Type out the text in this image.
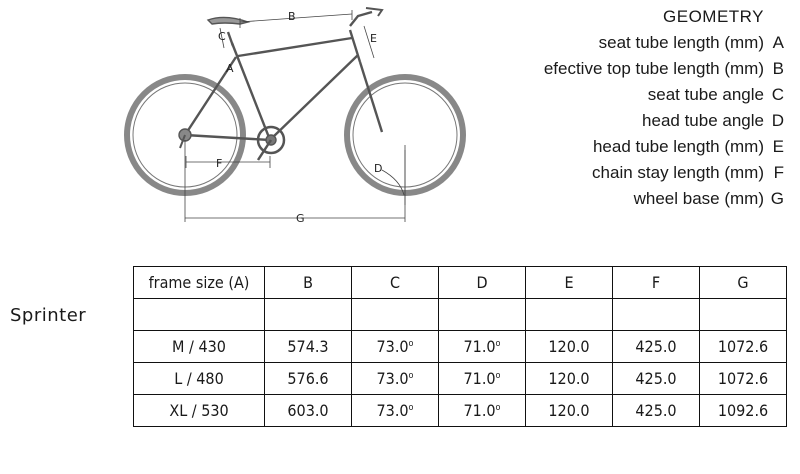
B
C
A
E
F	D
G
GEOMETRY
seat tube length (mm) A
efective top tube length (mm) B
seat tube angle C
head tube angle D
head tube length (mm) E
chain stay length (mm) F
wheel base (mm) G
Sprinter
frame size (A)	B	C	D	E	F	G

M / 430	574.3	73.0$^o$	71.0$^o$	120.0	425.0	1072.6
L / 480	576.6	73.0$^o$	71.0$^o$	120.0	425.0	1072.6
XL / 530	603.0	73.0$^o$	71.0$^o$	120.0	425.0	1092.6
